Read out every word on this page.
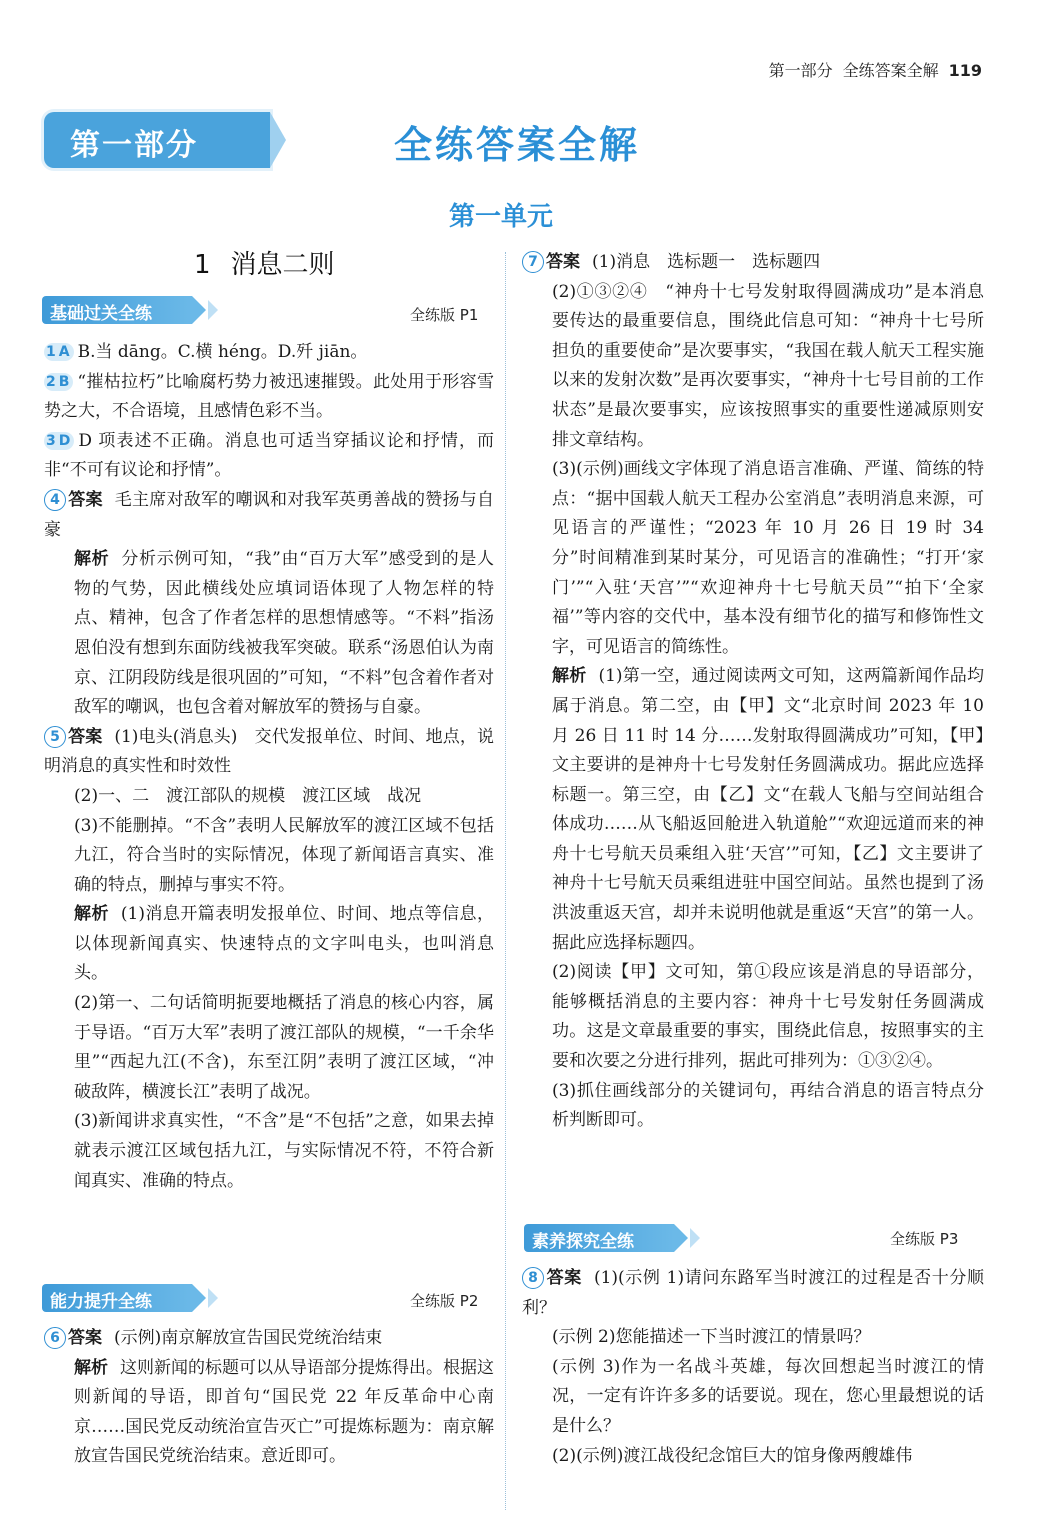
第一部分 全练答案全解 119
第一部分	全练答案全解
第一单元
1 消息二则
基础过关全练	全练版 P1

1 A B.当 dāng。C.横 héng。D.歼 jiān。

2 B “摧枯拉朽”比喻腐朽势力被迅速摧毁。此处用于形容雪势之大，不合语境，且感情色彩不当。

3 D D 项表述不正确。消息也可适当穿插议论和抒情，而非“不可有议论和抒情”。

4 答案 毛主席对敌军的嘲讽和对我军英勇善战的赞扬与自豪

解析 分析示例可知，“我”由“百万大军”感受到的是人物的气势，因此横线处应填词语体现了人物怎样的特点、精神，包含了作者怎样的思想情感等。“不料”指汤恩伯没有想到东面防线被我军突破。联系“汤恩伯认为南京、江阴段防线是很巩固的”可知，“不料”包含着作者对敌军的嘲讽，也包含着对解放军的赞扬与自豪。

5 答案 (1)电头(消息头)　交代发报单位、时间、地点，说明消息的真实性和时效性

(2)一、二　渡江部队的规模　渡江区域　战况

(3)不能删掉。“不含”表明人民解放军的渡江区域不包括九江，符合当时的实际情况，体现了新闻语言真实、准确的特点，删掉与事实不符。

解析 (1)消息开篇表明发报单位、时间、地点等信息，以体现新闻真实、快速特点的文字叫电头，也叫消息头。

(2)第一、二句话简明扼要地概括了消息的核心内容，属于导语。“百万大军”表明了渡江部队的规模，“一千余华里”“西起九江(不含)，东至江阴”表明了渡江区域，“冲破敌阵，横渡长江”表明了战况。

(3)新闻讲求真实性，“不含”是“不包括”之意，如果去掉就表示渡江区域包括九江，与实际情况不符，不符合新闻真实、准确的特点。

能力提升全练	全练版 P2

6 答案 (示例)南京解放宣告国民党统治结束

解析 这则新闻的标题可以从导语部分提炼得出。根据这则新闻的导语，即首句“国民党 22 年反革命中心南京……国民党反动统治宣告灭亡”可提炼标题为：南京解放宣告国民党统治结束。意近即可。

7 答案 (1)消息　选标题一　选标题四

(2)①③②④　“神舟十七号发射取得圆满成功”是本消息要传达的最重要信息，围绕此信息可知：“神舟十七号所担负的重要使命”是次要事实，“我国在载人航天工程实施以来的发射次数”是再次要事实，“神舟十七号目前的工作状态”是最次要事实，应该按照事实的重要性递减原则安排文章结构。

(3)(示例)画线文字体现了消息语言准确、严谨、简练的特点：“据中国载人航天工程办公室消息”表明消息来源，可见语言的严谨性；“2023 年 10 月 26 日 19 时 34 分”时间精准到某时某分，可见语言的准确性；“打开‘家门’”“入驻‘天宫’”“欢迎神舟十七号航天员”“拍下‘全家福’”等内容的交代中，基本没有细节化的描写和修饰性文字，可见语言的简练性。

解析 (1)第一空，通过阅读两文可知，这两篇新闻作品均属于消息。第二空，由【甲】文“北京时间 2023 年 10 月 26 日 11 时 14 分……发射取得圆满成功”可知，【甲】文主要讲的是神舟十七号发射任务圆满成功。据此应选择标题一。第三空，由【乙】文“在载人飞船与空间站组合体成功……从飞船返回舱进入轨道舱”“欢迎远道而来的神舟十七号航天员乘组入驻‘天宫’”可知，【乙】文主要讲了神舟十七号航天员乘组进驻中国空间站。虽然也提到了汤洪波重返天宫，却并未说明他就是重返“天宫”的第一人。据此应选择标题四。

(2)阅读【甲】文可知，第①段应该是消息的导语部分，能够概括消息的主要内容：神舟十七号发射任务圆满成功。这是文章最重要的事实，围绕此信息，按照事实的主要和次要之分进行排列，据此可排列为：①③②④。

(3)抓住画线部分的关键词句，再结合消息的语言特点分析判断即可。

素养探究全练	全练版 P3

8 答案 (1)(示例 1)请问东路军当时渡江的过程是否十分顺利？

(示例 2)您能描述一下当时渡江的情景吗？

(示例 3)作为一名战斗英雄，每次回想起当时渡江的情况，一定有许许多多的话要说。现在，您心里最想说的话是什么？

(2)(示例)渡江战役纪念馆巨大的馆身像两艘雄伟
